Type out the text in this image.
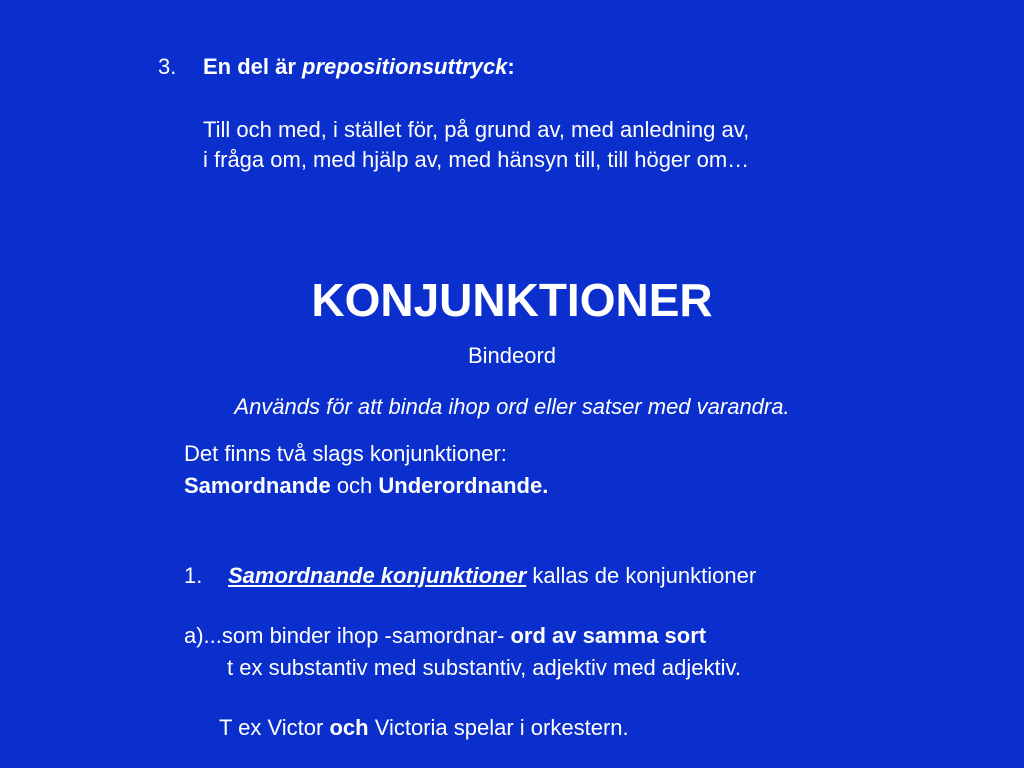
3. En del är prepositionsuttryck:
Till och med, i stället för, på grund av, med anledning av,
i fråga om, med hjälp av, med hänsyn till, till höger om…
KONJUNKTIONER
Bindeord
Används för att binda ihop ord eller satser med varandra.
Det finns två slags konjunktioner:
Samordnande och Underordnande.
1. Samordnande konjunktioner kallas de konjunktioner
a)...som binder ihop -samordnar- ord av samma sort
t ex substantiv med substantiv, adjektiv med adjektiv.
T ex Victor och Victoria spelar i orkestern.
